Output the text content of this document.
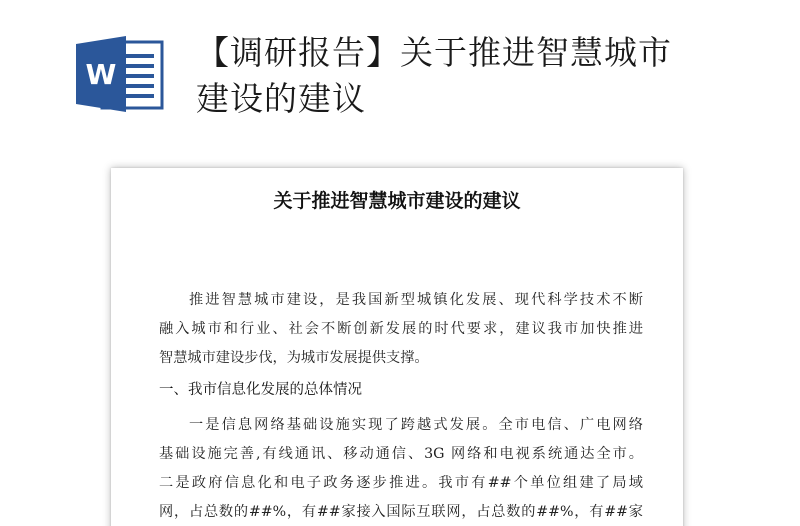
W
【调研报告】关于推进智慧城市
建设的建议
关于推进智慧城市建设的建议
推进智慧城市建设，是我国新型城镇化发展、现代科学技术不断
融入城市和行业、社会不断创新发展的时代要求，建议我市加快推进
智慧城市建设步伐，为城市发展提供支撑。
一、我市信息化发展的总体情况
一是信息网络基础设施实现了跨越式发展。全市电信、广电网络
基础设施完善,有线通讯、移动通信、3G 网络和电视系统通达全市。
二是政府信息化和电子政务逐步推进。我市有##个单位组建了局域
网，占总数的##%，有##家接入国际互联网，占总数的##%，有##家
